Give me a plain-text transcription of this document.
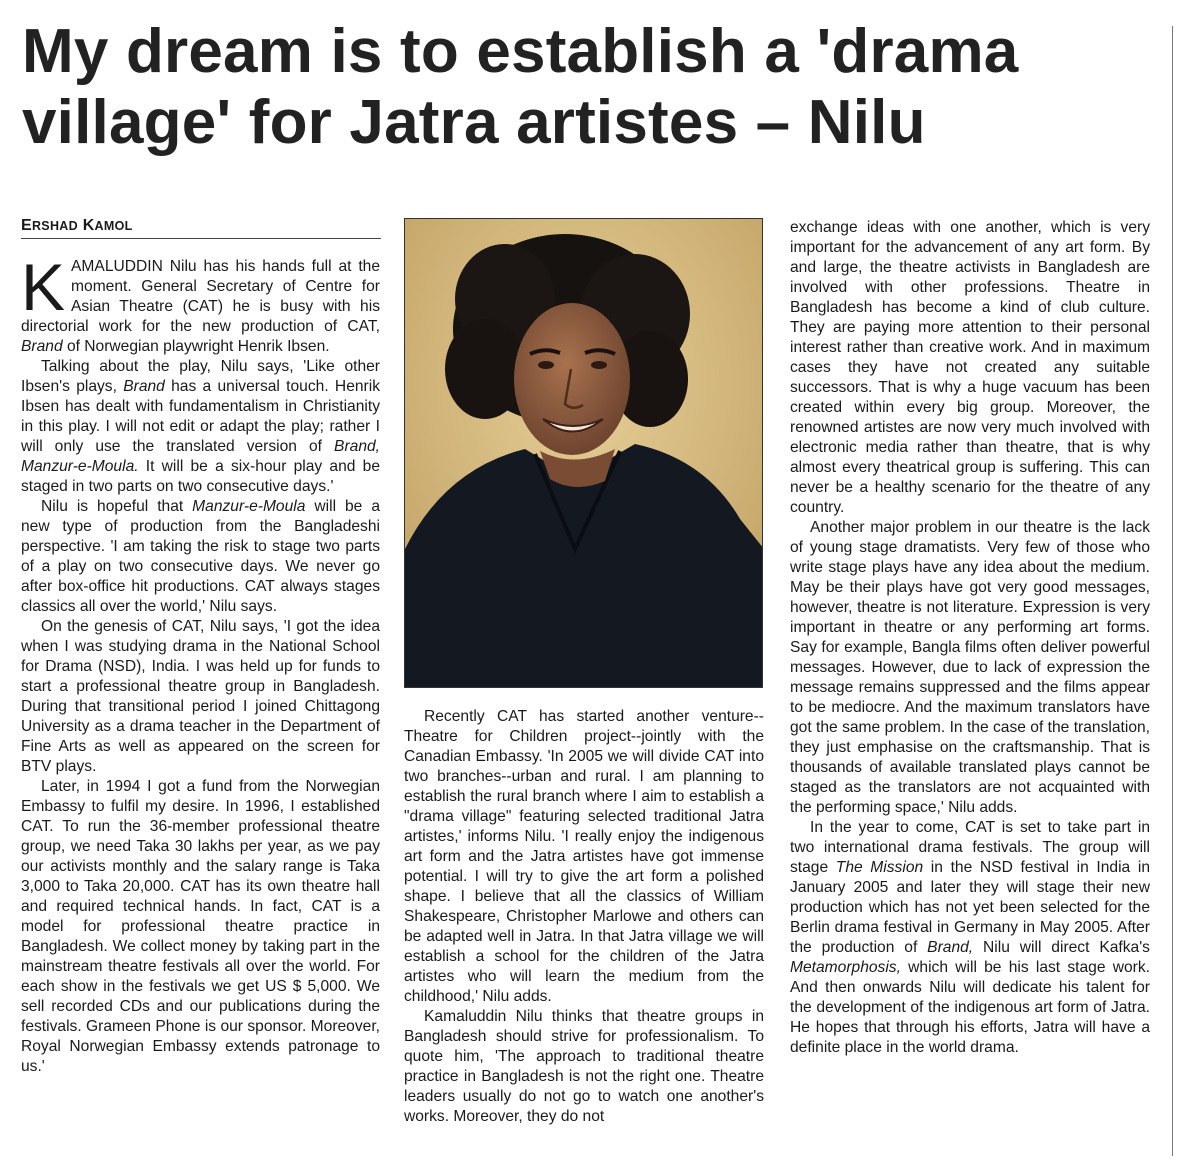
My dream is to establish a 'drama
village' for Jatra artistes – Nilu
ERSHAD KAMOL

KAMALUDDIN Nilu has his hands full at the moment. General Secretary of Centre for Asian Theatre (CAT) he is busy with his directorial work for the new production of CAT, Brand of Norwegian playwright Henrik Ibsen.

Talking about the play, Nilu says, 'Like other Ibsen's plays, Brand has a universal touch. Henrik Ibsen has dealt with fundamentalism in Christianity in this play. I will not edit or adapt the play; rather I will only use the translated version of Brand, Manzur-e-Moula. It will be a six-hour play and be staged in two parts on two consecutive days.'

Nilu is hopeful that Manzur-e-Moula will be a new type of production from the Bangladeshi perspective. 'I am taking the risk to stage two parts of a play on two consecutive days. We never go after box-office hit productions. CAT always stages classics all over the world,' Nilu says.

On the genesis of CAT, Nilu says, 'I got the idea when I was studying drama in the National School for Drama (NSD), India. I was held up for funds to start a professional theatre group in Bangladesh. During that transitional period I joined Chittagong University as a drama teacher in the Department of Fine Arts as well as appeared on the screen for BTV plays.

Later, in 1994 I got a fund from the Norwegian Embassy to fulfil my desire. In 1996, I established CAT. To run the 36-member professional theatre group, we need Taka 30 lakhs per year, as we pay our activists monthly and the salary range is Taka 3,000 to Taka 20,000. CAT has its own theatre hall and required technical hands. In fact, CAT is a model for professional theatre practice in Bangladesh. We collect money by taking part in the mainstream theatre festivals all over the world. For each show in the festivals we get US $ 5,000. We sell recorded CDs and our publications during the festivals. Grameen Phone is our sponsor. Moreover, Royal Norwegian Embassy extends patronage to us.'

Recently CAT has started another venture--Theatre for Children project--jointly with the Canadian Embassy. 'In 2005 we will divide CAT into two branches--urban and rural. I am planning to establish the rural branch where I aim to establish a "drama village" featuring selected traditional Jatra artistes,' informs Nilu. 'I really enjoy the indigenous art form and the Jatra artistes have got immense potential. I will try to give the art form a polished shape. I believe that all the classics of William Shakespeare, Christopher Marlowe and others can be adapted well in Jatra. In that Jatra village we will establish a school for the children of the Jatra artistes who will learn the medium from the childhood,' Nilu adds.

Kamaluddin Nilu thinks that theatre groups in Bangladesh should strive for professionalism. To quote him, 'The approach to traditional theatre practice in Bangladesh is not the right one. Theatre leaders usually do not go to watch one another's works. Moreover, they do not

exchange ideas with one another, which is very important for the advancement of any art form. By and large, the theatre activists in Bangladesh are involved with other professions. Theatre in Bangladesh has become a kind of club culture. They are paying more attention to their personal interest rather than creative work. And in maximum cases they have not created any suitable successors. That is why a huge vacuum has been created within every big group. Moreover, the renowned artistes are now very much involved with electronic media rather than theatre, that is why almost every theatrical group is suffering. This can never be a healthy scenario for the theatre of any country.

Another major problem in our theatre is the lack of young stage dramatists. Very few of those who write stage plays have any idea about the medium. May be their plays have got very good messages, however, theatre is not literature. Expression is very important in theatre or any performing art forms. Say for example, Bangla films often deliver powerful messages. However, due to lack of expression the message remains suppressed and the films appear to be mediocre. And the maximum translators have got the same problem. In the case of the translation, they just emphasise on the craftsmanship. That is thousands of available translated plays cannot be staged as the translators are not acquainted with the performing space,' Nilu adds.

In the year to come, CAT is set to take part in two international drama festivals. The group will stage The Mission in the NSD festival in India in January 2005 and later they will stage their new production which has not yet been selected for the Berlin drama festival in Germany in May 2005. After the production of Brand, Nilu will direct Kafka's Metamorphosis, which will be his last stage work. And then onwards Nilu will dedicate his talent for the development of the indigenous art form of Jatra. He hopes that through his efforts, Jatra will have a definite place in the world drama.
